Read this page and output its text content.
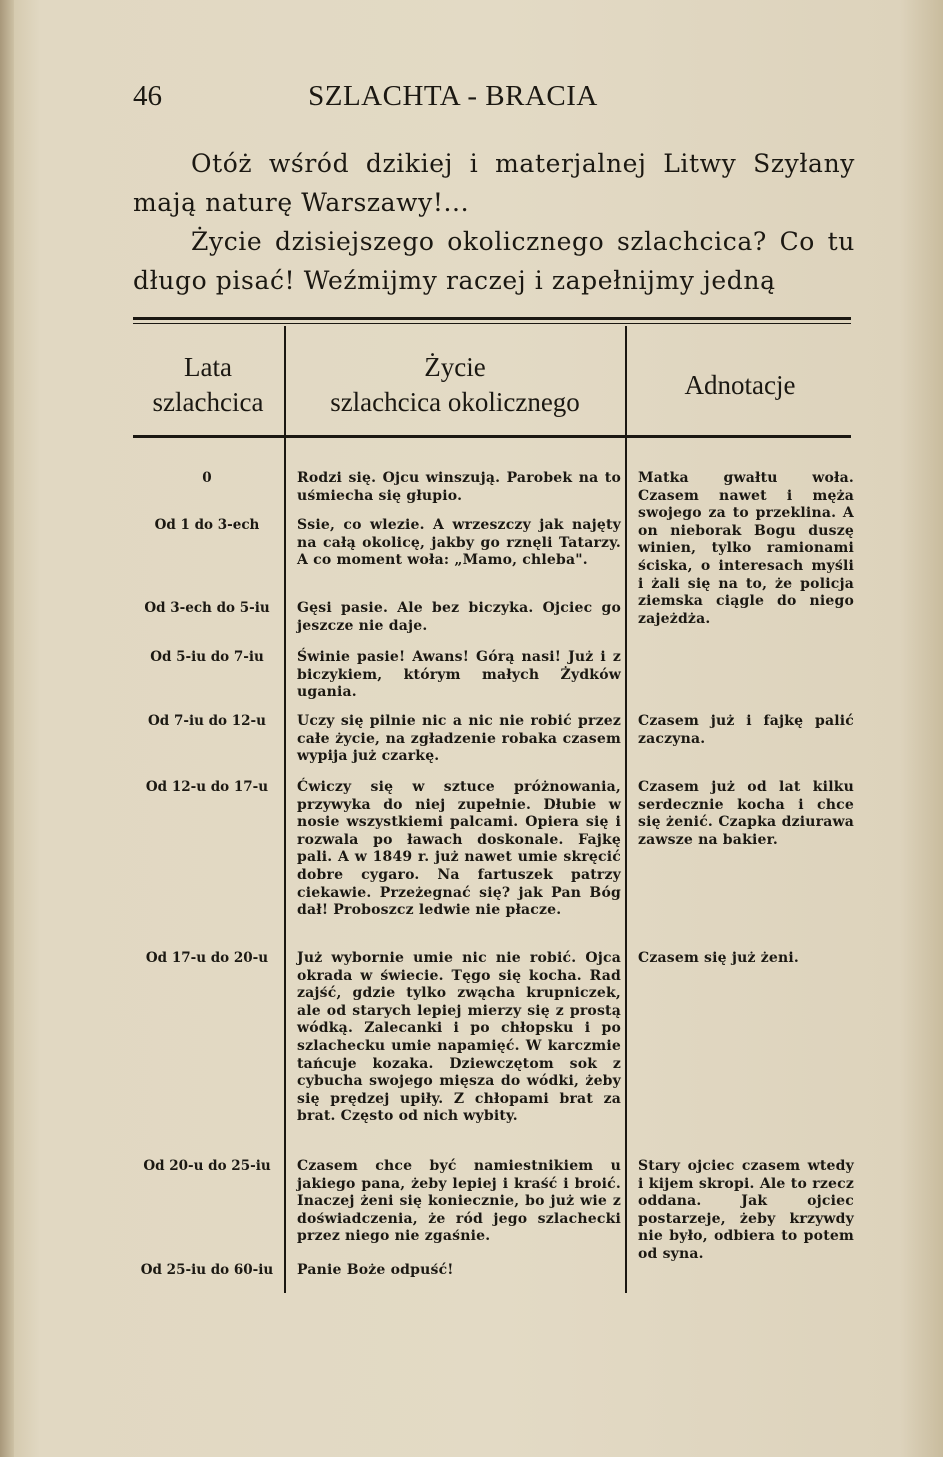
46	SZLACHTA - BRACIA

Otóż wśród dzikiej i materjalnej Litwy Szyłany mają naturę Warszawy!...

Życie dzisiejszego okolicznego szlachcica? Co tu długo pisać! Weźmijmy raczej i zapełnijmy jedną

Lata
szlachcica
Życie
szlachcica okolicznego
Adnotacje
0
Od 1 do 3-ech
Od 3-ech do 5-iu
Od 5-iu do 7-iu
Od 7-iu do 12-u
Od 12-u do 17-u
Od 17-u do 20-u
Od 20-u do 25-iu
Od 25-iu do 60-iu
Rodzi się. Ojcu winszują. Parobek na to uśmiecha się głupio.
Ssie, co wlezie. A wrzeszczy jak najęty na całą okolicę, jakby go rznęli Tatarzy. A co moment woła: „Mamo, chleba".
Gęsi pasie. Ale bez biczyka. Ojciec go jeszcze nie daje.
Świnie pasie! Awans! Górą nasi! Już i z biczykiem, którym małych Żydków ugania.
Uczy się pilnie nic a nic nie robić przez całe życie, na zgładzenie robaka czasem wypija już czarkę.
Ćwiczy się w sztuce próżnowania, przywyka do niej zupełnie. Dłubie w nosie wszystkiemi palcami. Opiera się i rozwala po ławach doskonale. Fajkę pali. A w 1849 r. już nawet umie skręcić dobre cygaro. Na fartuszek patrzy ciekawie. Przeżegnać się? jak Pan Bóg dał! Proboszcz ledwie nie płacze.
Już wybornie umie nic nie robić. Ojca okrada w świecie. Tęgo się kocha. Rad zajść, gdzie tylko zwącha krupniczek, ale od starych lepiej mierzy się z prostą wódką. Zalecanki i po chłopsku i po szlachecku umie napamięć. W karczmie tańcuje kozaka. Dziewczętom sok z cybucha swojego mięsza do wódki, żeby się prędzej upiły. Z chłopami brat za brat. Często od nich wybity.
Czasem chce być namiestnikiem u jakiego pana, żeby lepiej i kraść i broić. Inaczej żeni się koniecznie, bo już wie z doświadczenia, że ród jego szlachecki przez niego nie zgaśnie.
Panie Boże odpuść!
Matka gwałtu woła. Czasem nawet i męża swojego za to przeklina. A on nieborak Bogu duszę winien, tylko ramionami ściska, o interesach myśli i żali się na to, że policja ziemska ciągle do niego zajeżdża.
Czasem już i fajkę palić zaczyna.
Czasem już od lat kilku serdecznie kocha i chce się żenić. Czapka dziurawa zawsze na bakier.
Czasem się już żeni.
Stary ojciec czasem wtedy i kijem skropi. Ale to rzecz oddana. Jak ojciec postarzeje, żeby krzywdy nie było, odbiera to potem od syna.
